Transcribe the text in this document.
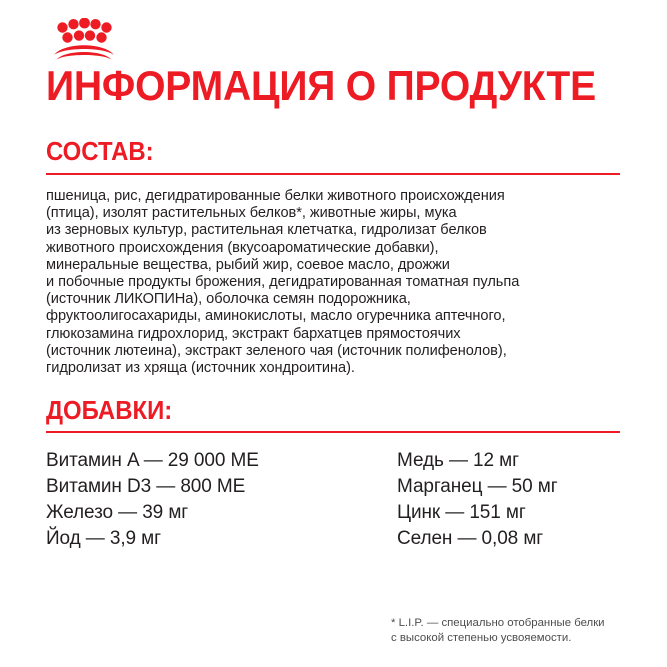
ИНФОРМАЦИЯ О ПРОДУКТЕ
СОСТАВ:

пшеница, рис, дегидратированные белки животного происхождения
(птица), изолят растительных белков*, животные жиры, мука
из зерновых культур, растительная клетчатка, гидролизат белков
животного происхождения (вкусоароматические добавки),
минеральные вещества, рыбий жир, соевое масло, дрожжи
и побочные продукты брожения, дегидратированная томатная пульпа
(источник ЛИКОПИНа), оболочка семян подорожника,
фруктоолигосахариды, аминокислоты, масло огуречника аптечного,
глюкозамина гидрохлорид, экстракт бархатцев прямостоячих
(источник лютеина), экстракт зеленого чая (источник полифенолов),
гидролизат из хряща (источник хондроитина).

ДОБАВКИ:
Витамин A — 29 000 МЕ	Медь — 12 мг
Витамин D3 — 800 МЕ	Марганец — 50 мг
Железо — 39 мг	Цинк — 151 мг
Йод — 3,9 мг	Селен — 0,08 мг

* L.I.P. — специально отобранные белки
с высокой степенью усвояемости.
